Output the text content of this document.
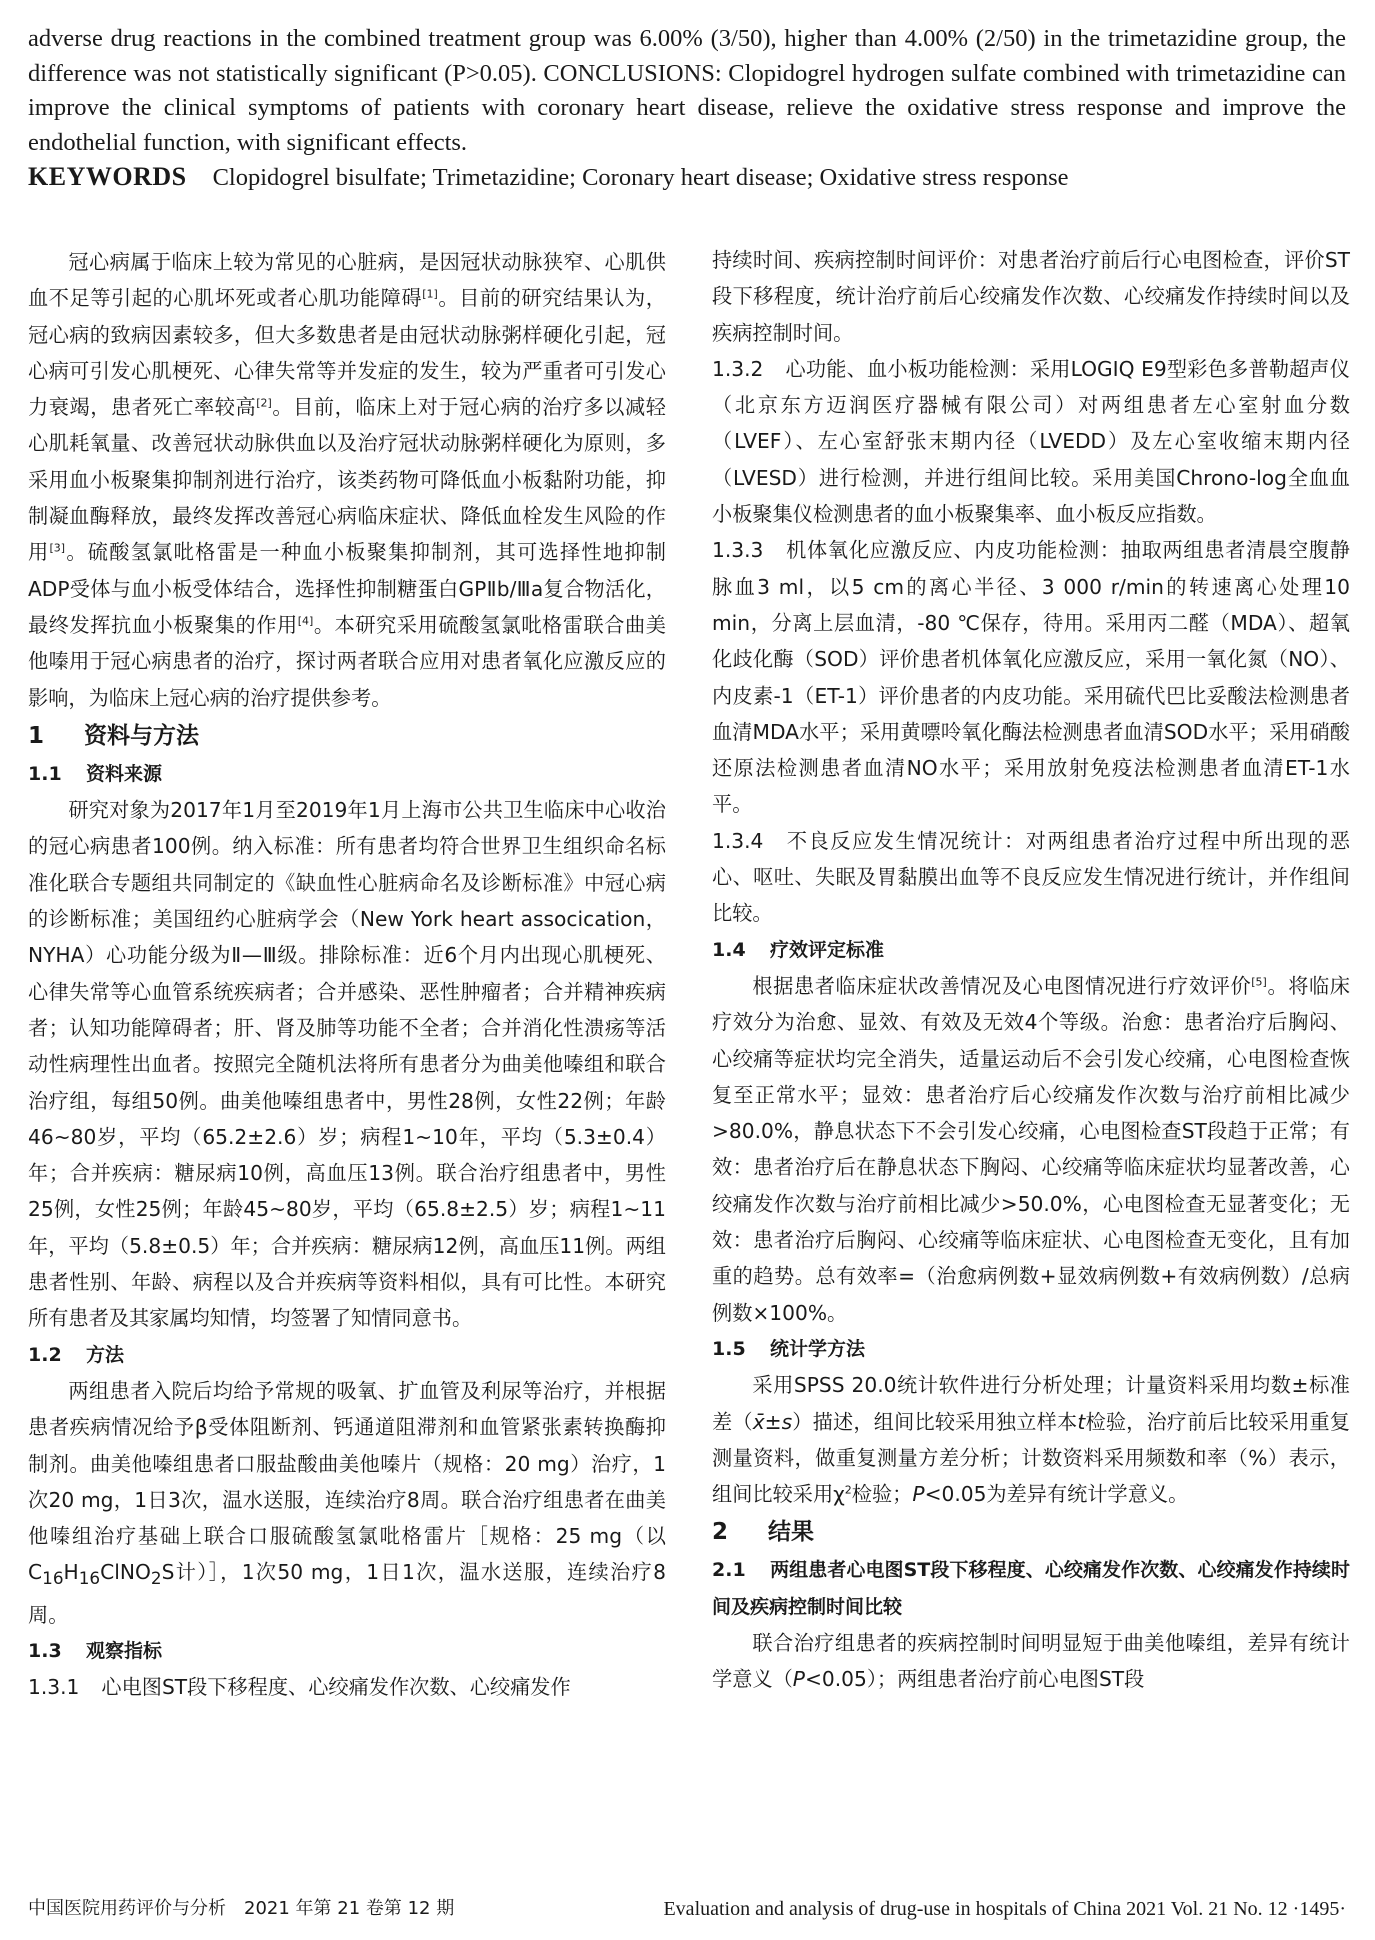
adverse drug reactions in the combined treatment group was 6.00% (3/50), higher than 4.00% (2/50) in the trimetazidine group, the difference was not statistically significant (P>0.05). CONCLUSIONS: Clopidogrel hydrogen sulfate combined with trimetazidine can improve the clinical symptoms of patients with coronary heart disease, relieve the oxidative stress response and improve the endothelial function, with significant effects.

KEYWORDS Clopidogrel bisulfate; Trimetazidine; Coronary heart disease; Oxidative stress response

冠心病属于临床上较为常见的心脏病，是因冠状动脉狭窄、心肌供血不足等引起的心肌坏死或者心肌功能障碍[1]。目前的研究结果认为，冠心病的致病因素较多，但大多数患者是由冠状动脉粥样硬化引起，冠心病可引发心肌梗死、心律失常等并发症的发生，较为严重者可引发心力衰竭，患者死亡率较高[2]。目前，临床上对于冠心病的治疗多以减轻心肌耗氧量、改善冠状动脉供血以及治疗冠状动脉粥样硬化为原则，多采用血小板聚集抑制剂进行治疗，该类药物可降低血小板黏附功能，抑制凝血酶释放，最终发挥改善冠心病临床症状、降低血栓发生风险的作用[3]。硫酸氢氯吡格雷是一种血小板聚集抑制剂，其可选择性地抑制ADP受体与血小板受体结合，选择性抑制糖蛋白GPⅡb/Ⅲa复合物活化，最终发挥抗血小板聚集的作用[4]。本研究采用硫酸氢氯吡格雷联合曲美他嗪用于冠心病患者的治疗，探讨两者联合应用对患者氧化应激反应的影响，为临床上冠心病的治疗提供参考。

1 资料与方法

1.1 资料来源

研究对象为2017年1月至2019年1月上海市公共卫生临床中心收治的冠心病患者100例。纳入标准：所有患者均符合世界卫生组织命名标准化联合专题组共同制定的《缺血性心脏病命名及诊断标准》中冠心病的诊断标准；美国纽约心脏病学会（New York heart assocication，NYHA）心功能分级为Ⅱ—Ⅲ级。排除标准：近6个月内出现心肌梗死、心律失常等心血管系统疾病者；合并感染、恶性肿瘤者；合并精神疾病者；认知功能障碍者；肝、肾及肺等功能不全者；合并消化性溃疡等活动性病理性出血者。按照完全随机法将所有患者分为曲美他嗪组和联合治疗组，每组50例。曲美他嗪组患者中，男性28例，女性22例；年龄46~80岁，平均（65.2±2.6）岁；病程1~10年，平均（5.3±0.4）年；合并疾病：糖尿病10例，高血压13例。联合治疗组患者中，男性25例，女性25例；年龄45~80岁，平均（65.8±2.5）岁；病程1~11年，平均（5.8±0.5）年；合并疾病：糖尿病12例，高血压11例。两组患者性别、年龄、病程以及合并疾病等资料相似，具有可比性。本研究所有患者及其家属均知情，均签署了知情同意书。

1.2 方法

两组患者入院后均给予常规的吸氧、扩血管及利尿等治疗，并根据患者疾病情况给予β受体阻断剂、钙通道阻滞剂和血管紧张素转换酶抑制剂。曲美他嗪组患者口服盐酸曲美他嗪片（规格：20 mg）治疗，1次20 mg，1日3次，温水送服，连续治疗8周。联合治疗组患者在曲美他嗪组治疗基础上联合口服硫酸氢氯吡格雷片［规格：25 mg（以$C_{16}H_{16}ClNO_2S$计）］，1次50 mg，1日1次，温水送服，连续治疗8周。

1.3 观察指标

1.3.1 心电图ST段下移程度、心绞痛发作次数、心绞痛发作

持续时间、疾病控制时间评价：对患者治疗前后行心电图检查，评价ST段下移程度，统计治疗前后心绞痛发作次数、心绞痛发作持续时间以及疾病控制时间。

1.3.2 心功能、血小板功能检测：采用LOGIQ E9型彩色多普勒超声仪（北京东方迈润医疗器械有限公司）对两组患者左心室射血分数（LVEF）、左心室舒张末期内径（LVEDD）及左心室收缩末期内径（LVESD）进行检测，并进行组间比较。采用美国Chrono-log全血血小板聚集仪检测患者的血小板聚集率、血小板反应指数。

1.3.3 机体氧化应激反应、内皮功能检测：抽取两组患者清晨空腹静脉血3 ml，以5 cm的离心半径、3 000 r/min的转速离心处理10 min，分离上层血清，-80 ℃保存，待用。采用丙二醛（MDA）、超氧化歧化酶（SOD）评价患者机体氧化应激反应，采用一氧化氮（NO）、内皮素-1（ET-1）评价患者的内皮功能。采用硫代巴比妥酸法检测患者血清MDA水平；采用黄嘌呤氧化酶法检测患者血清SOD水平；采用硝酸还原法检测患者血清NO水平；采用放射免疫法检测患者血清ET-1水平。

1.3.4 不良反应发生情况统计：对两组患者治疗过程中所出现的恶心、呕吐、失眠及胃黏膜出血等不良反应发生情况进行统计，并作组间比较。

1.4 疗效评定标准

根据患者临床症状改善情况及心电图情况进行疗效评价[5]。将临床疗效分为治愈、显效、有效及无效4个等级。治愈：患者治疗后胸闷、心绞痛等症状均完全消失，适量运动后不会引发心绞痛，心电图检查恢复至正常水平；显效：患者治疗后心绞痛发作次数与治疗前相比减少>80.0%，静息状态下不会引发心绞痛，心电图检查ST段趋于正常；有效：患者治疗后在静息状态下胸闷、心绞痛等临床症状均显著改善，心绞痛发作次数与治疗前相比减少>50.0%，心电图检查无显著变化；无效：患者治疗后胸闷、心绞痛等临床症状、心电图检查无变化，且有加重的趋势。总有效率=（治愈病例数+显效病例数+有效病例数）/总病例数×100%。

1.5 统计学方法

采用SPSS 20.0统计软件进行分析处理；计量资料采用均数±标准差（x̄±s）描述，组间比较采用独立样本t检验，治疗前后比较采用重复测量资料，做重复测量方差分析；计数资料采用频数和率（%）表示，组间比较采用$\chi^2$检验；P<0.05为差异有统计学意义。

2 结果

2.1 两组患者心电图ST段下移程度、心绞痛发作次数、心绞痛发作持续时间及疾病控制时间比较

联合治疗组患者的疾病控制时间明显短于曲美他嗪组，差异有统计学意义（P<0.05）；两组患者治疗前心电图ST段

中国医院用药评价与分析　2021 年第 21 卷第 12 期	Evaluation and analysis of drug-use in hospitals of China 2021 Vol. 21 No. 12 ·1495·
